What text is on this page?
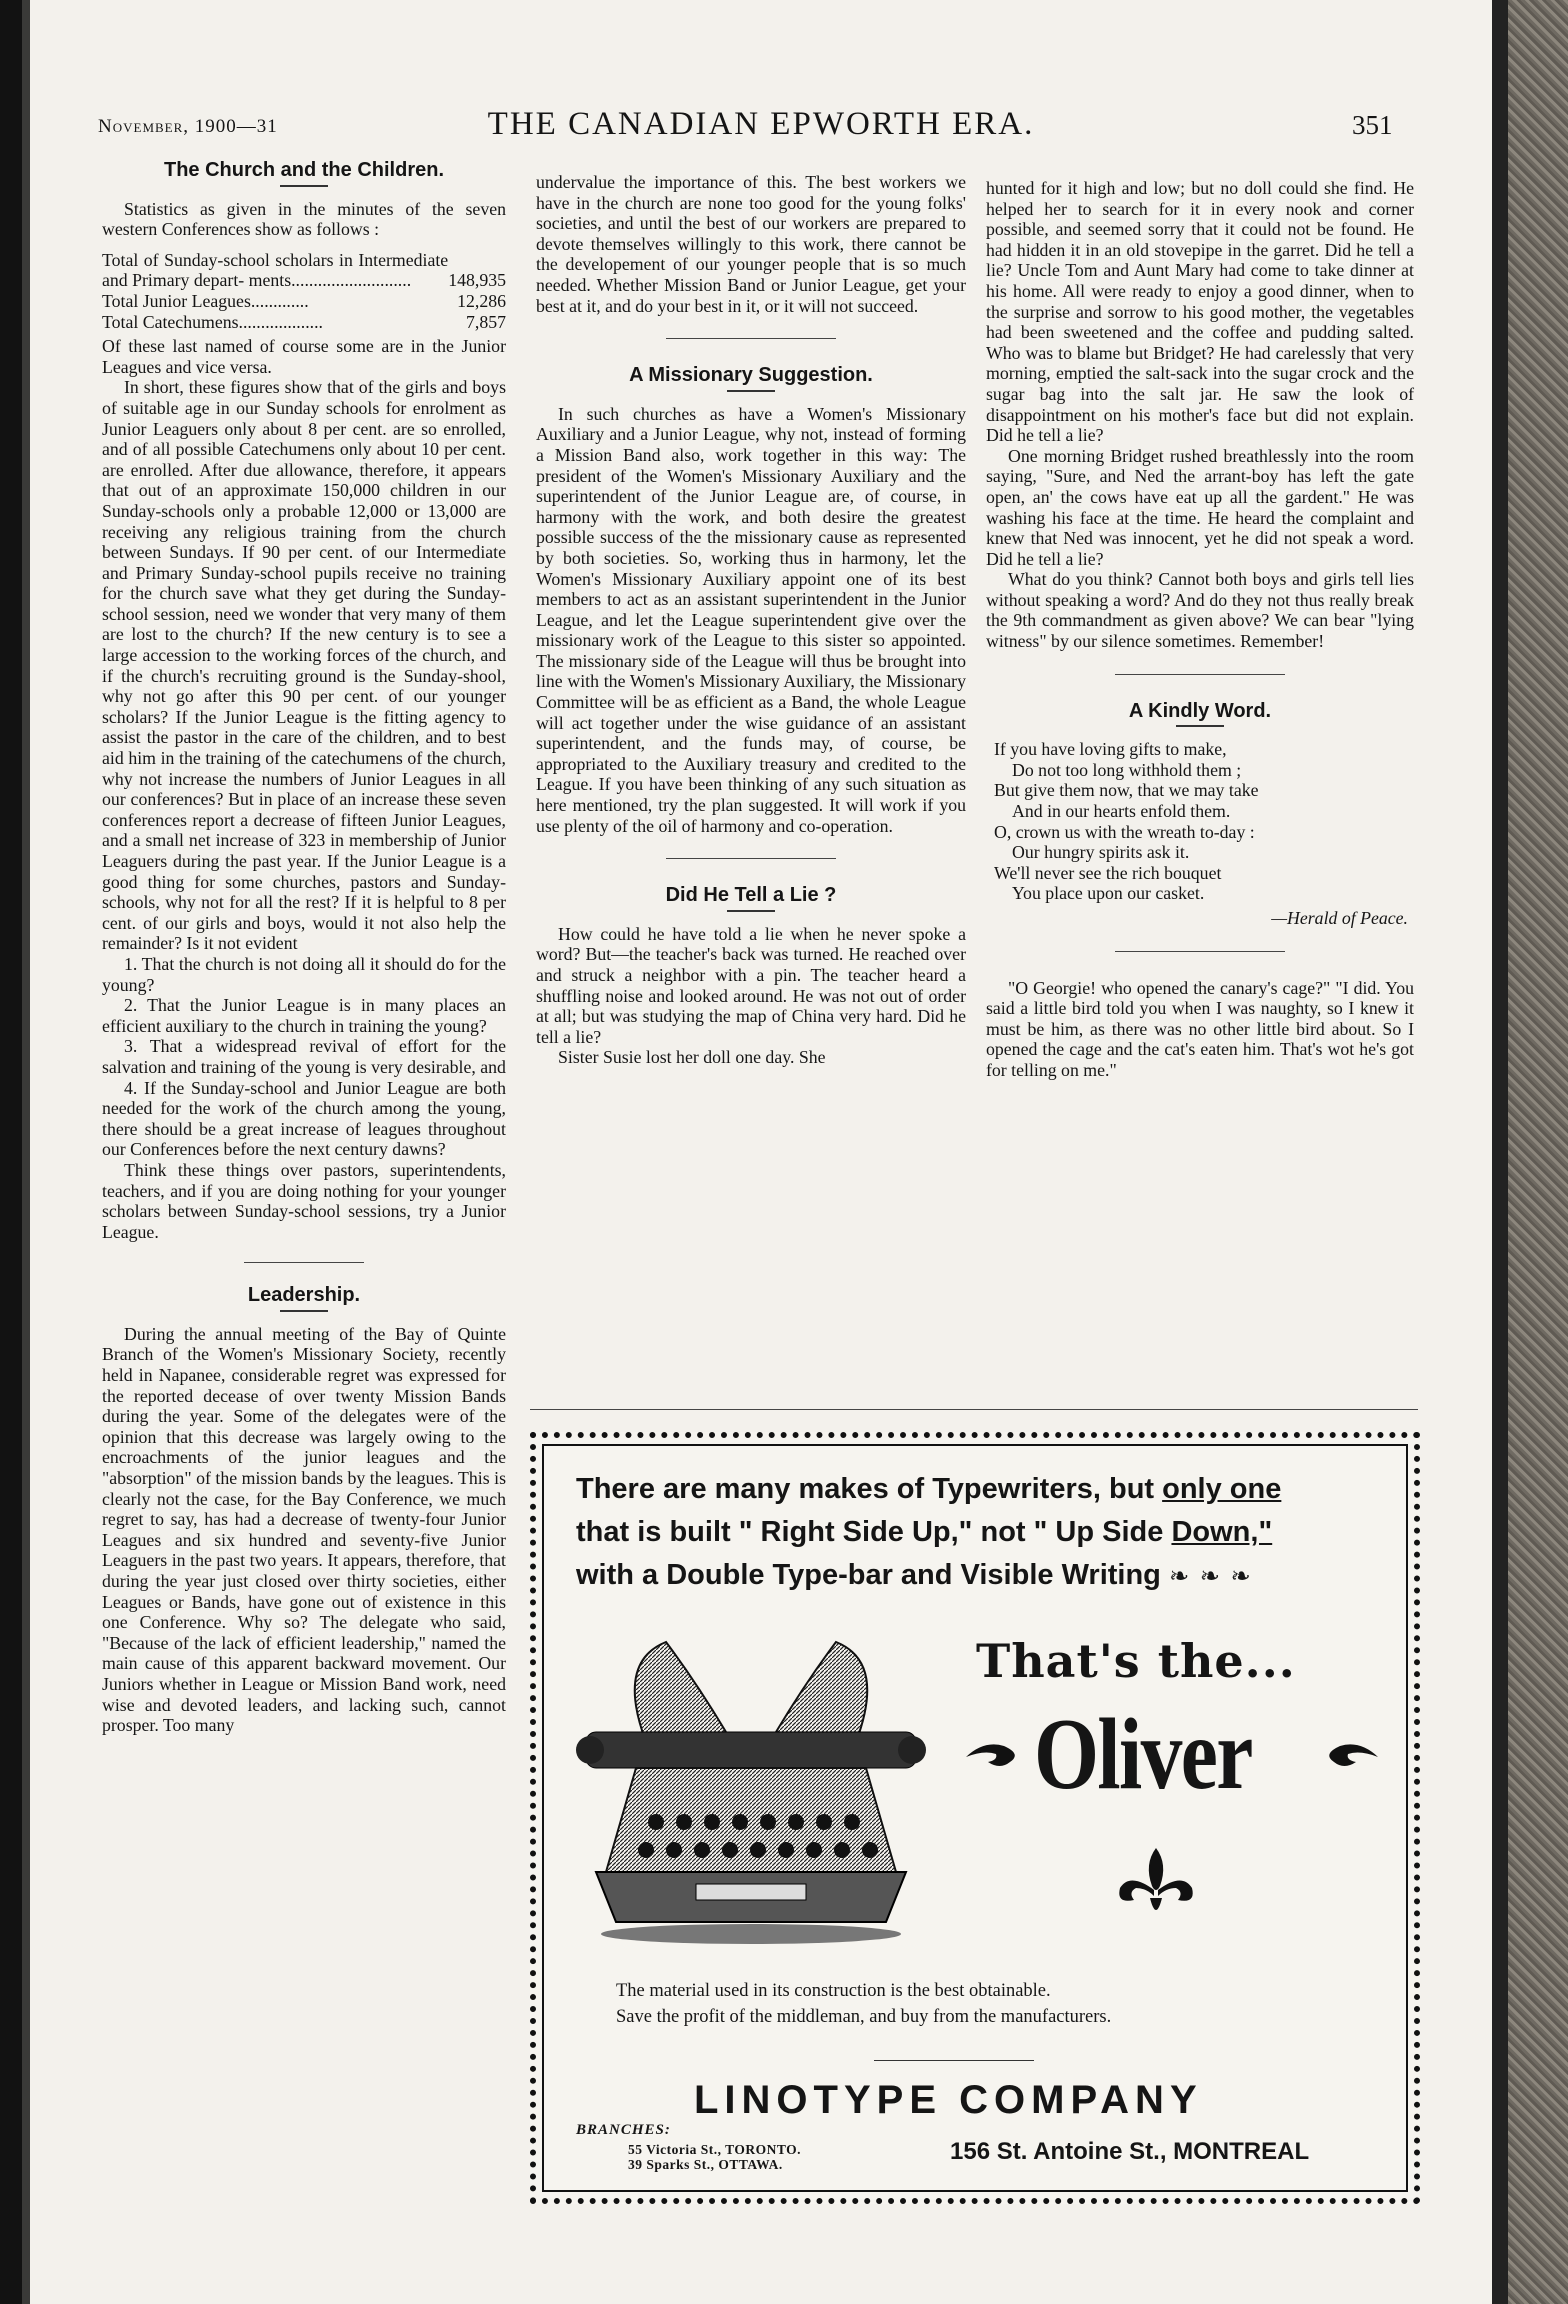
November, 1900—31	THE CANADIAN EPWORTH ERA.	351
The Church and the Children.

Statistics as given in the minutes of the seven western Conferences show as follows :

Total of Sunday-school scholars in Intermediate and Primary depart- ments...........................	148,935
Total Junior Leagues.............	12,286
Total Catechumens...................	7,857

Of these last named of course some are in the Junior Leagues and vice versa.

In short, these figures show that of the girls and boys of suitable age in our Sunday schools for enrolment as Junior Leaguers only about 8 per cent. are so enrolled, and of all possible Catechumens only about 10 per cent. are enrolled. After due allowance, therefore, it appears that out of an approximate 150,000 children in our Sunday-schools only a probable 12,000 or 13,000 are receiving any religious training from the church between Sundays. If 90 per cent. of our Intermediate and Primary Sunday-school pupils receive no training for the church save what they get during the Sunday-school session, need we wonder that very many of them are lost to the church? If the new century is to see a large accession to the working forces of the church, and if the church's recruiting ground is the Sunday-shool, why not go after this 90 per cent. of our younger scholars? If the Junior League is the fitting agency to assist the pastor in the care of the children, and to best aid him in the training of the catechumens of the church, why not increase the numbers of Junior Leagues in all our conferences? But in place of an increase these seven conferences report a decrease of fifteen Junior Leagues, and a small net increase of 323 in membership of Junior Leaguers during the past year. If the Junior League is a good thing for some churches, pastors and Sunday-schools, why not for all the rest? If it is helpful to 8 per cent. of our girls and boys, would it not also help the remainder? Is it not evident

1. That the church is not doing all it should do for the young?

2. That the Junior League is in many places an efficient auxiliary to the church in training the young?

3. That a widespread revival of effort for the salvation and training of the young is very desirable, and

4. If the Sunday-school and Junior League are both needed for the work of the church among the young, there should be a great increase of leagues throughout our Conferences before the next century dawns?

Think these things over pastors, superintendents, teachers, and if you are doing nothing for your younger scholars between Sunday-school sessions, try a Junior League.

Leadership.

During the annual meeting of the Bay of Quinte Branch of the Women's Missionary Society, recently held in Napanee, considerable regret was expressed for the reported decease of over twenty Mission Bands during the year. Some of the delegates were of the opinion that this decrease was largely owing to the encroachments of the junior leagues and the "absorption" of the mission bands by the leagues. This is clearly not the case, for the Bay Conference, we much regret to say, has had a decrease of twenty-four Junior Leagues and six hundred and seventy-five Junior Leaguers in the past two years. It appears, therefore, that during the year just closed over thirty societies, either Leagues or Bands, have gone out of existence in this one Conference. Why so? The delegate who said, "Because of the lack of efficient leadership," named the main cause of this apparent backward movement. Our Juniors whether in League or Mission Band work, need wise and devoted leaders, and lacking such, cannot prosper. Too many

undervalue the importance of this. The best workers we have in the church are none too good for the young folks' societies, and until the best of our workers are prepared to devote themselves willingly to this work, there cannot be the developement of our younger people that is so much needed. Whether Mission Band or Junior League, get your best at it, and do your best in it, or it will not succeed.

A Missionary Suggestion.

In such churches as have a Women's Missionary Auxiliary and a Junior League, why not, instead of forming a Mission Band also, work together in this way: The president of the Women's Missionary Auxiliary and the superintendent of the Junior League are, of course, in harmony with the work, and both desire the greatest possible success of the the missionary cause as represented by both societies. So, working thus in harmony, let the Women's Missionary Auxiliary appoint one of its best members to act as an assistant superintendent in the Junior League, and let the League superintendent give over the missionary work of the League to this sister so appointed. The missionary side of the League will thus be brought into line with the Women's Missionary Auxiliary, the Missionary Committee will be as efficient as a Band, the whole League will act together under the wise guidance of an assistant superintendent, and the funds may, of course, be appropriated to the Auxiliary treasury and credited to the League. If you have been thinking of any such situation as here mentioned, try the plan suggested. It will work if you use plenty of the oil of harmony and co-operation.

Did He Tell a Lie ?

How could he have told a lie when he never spoke a word? But—the teacher's back was turned. He reached over and struck a neighbor with a pin. The teacher heard a shuffling noise and looked around. He was not out of order at all; but was studying the map of China very hard. Did he tell a lie?

Sister Susie lost her doll one day. She

hunted for it high and low; but no doll could she find. He helped her to search for it in every nook and corner possible, and seemed sorry that it could not be found. He had hidden it in an old stovepipe in the garret. Did he tell a lie? Uncle Tom and Aunt Mary had come to take dinner at his home. All were ready to enjoy a good dinner, when to the surprise and sorrow to his good mother, the vegetables had been sweetened and the coffee and pudding salted. Who was to blame but Bridget? He had carelessly that very morning, emptied the salt-sack into the sugar crock and the sugar bag into the salt jar. He saw the look of disappointment on his mother's face but did not explain. Did he tell a lie?

One morning Bridget rushed breathlessly into the room saying, "Sure, and Ned the arrant-boy has left the gate open, an' the cows have eat up all the gardent." He was washing his face at the time. He heard the complaint and knew that Ned was innocent, yet he did not speak a word. Did he tell a lie?

What do you think? Cannot both boys and girls tell lies without speaking a word? And do they not thus really break the 9th commandment as given above? We can bear "lying witness" by our silence sometimes. Remember!

A Kindly Word.
If you have loving gifts to make,
Do not too long withhold them ;
But give them now, that we may take
And in our hearts enfold them.
O, crown us with the wreath to-day :
Our hungry spirits ask it.
We'll never see the rich bouquet
You place upon our casket.
—Herald of Peace.

"O Georgie! who opened the canary's cage?" "I did. You said a little bird told you when I was naughty, so I knew it must be him, as there was no other little bird about. So I opened the cage and the cat's eaten him. That's wot he's got for telling on me."

There are many makes of Typewriters, but only one
that is built " Right Side Up," not " Up Side Down,"
with a Double Type-bar and Visible Writing ❧ ❧ ❧
That's the...
Oliver
The material used in its construction is the best obtainable.
Save the profit of the middleman, and buy from the manufacturers.
LINOTYPE COMPANY
BRANCHES:
55 Victoria St., TORONTO.
39 Sparks St., OTTAWA.	156 St. Antoine St., MONTREAL
